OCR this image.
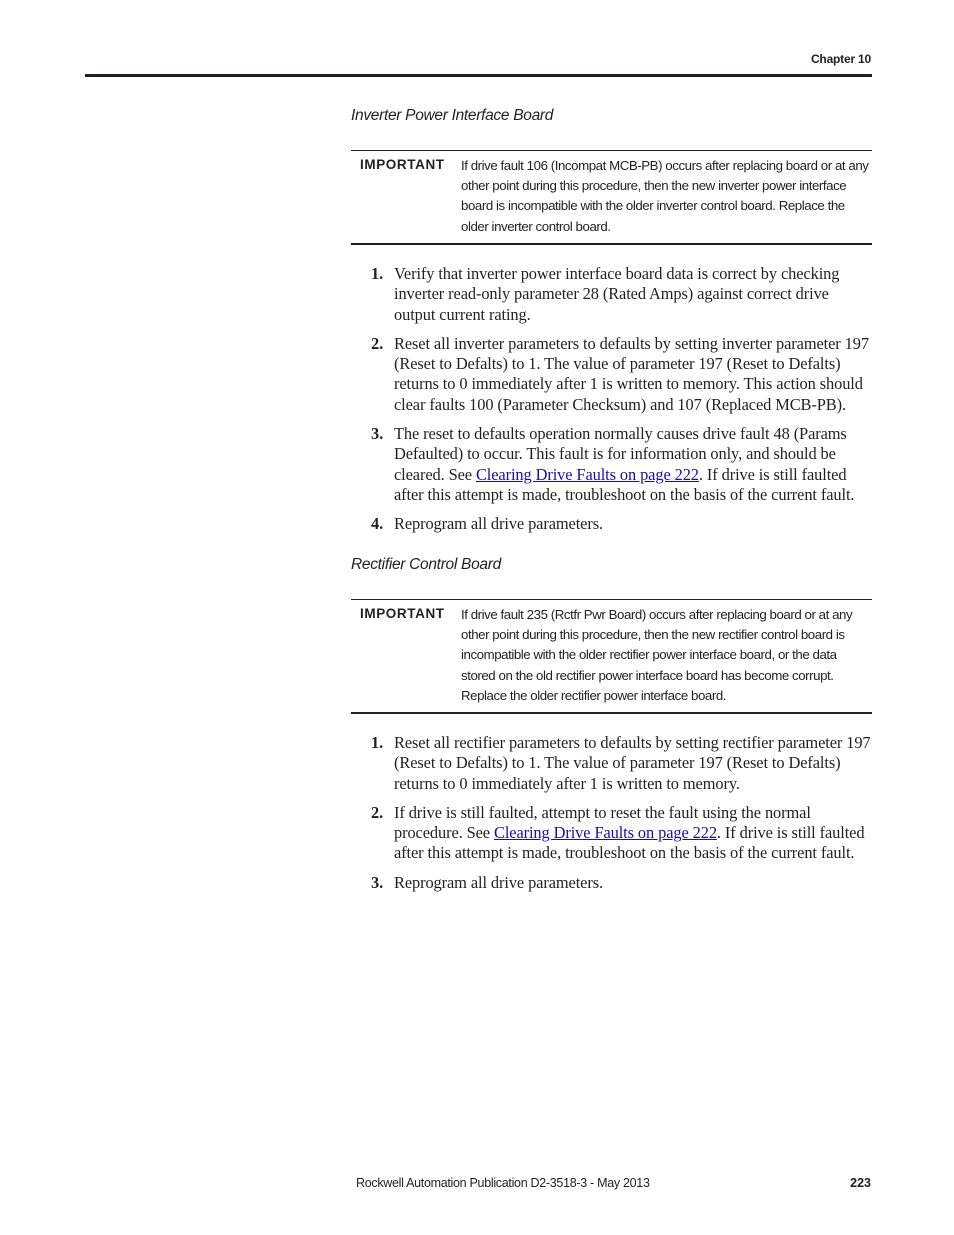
Chapter 10
Inverter Power Interface Board
IMPORTANT If drive fault 106 (Incompat MCB-PB) occurs after replacing board or at any other point during this procedure, then the new inverter power interface board is incompatible with the older inverter control board. Replace the older inverter control board.
1. Verify that inverter power interface board data is correct by checking inverter read-only parameter 28 (Rated Amps) against correct drive output current rating.
2. Reset all inverter parameters to defaults by setting inverter parameter 197 (Reset to Defalts) to 1. The value of parameter 197 (Reset to Defalts) returns to 0 immediately after 1 is written to memory. This action should clear faults 100 (Parameter Checksum) and 107 (Replaced MCB-PB).
3. The reset to defaults operation normally causes drive fault 48 (Params Defaulted) to occur. This fault is for information only, and should be cleared. See Clearing Drive Faults on page 222. If drive is still faulted after this attempt is made, troubleshoot on the basis of the current fault.
4. Reprogram all drive parameters.
Rectifier Control Board
IMPORTANT If drive fault 235 (Rctfr Pwr Board) occurs after replacing board or at any other point during this procedure, then the new rectifier control board is incompatible with the older rectifier power interface board, or the data stored on the old rectifier power interface board has become corrupt. Replace the older rectifier power interface board.
1. Reset all rectifier parameters to defaults by setting rectifier parameter 197 (Reset to Defalts) to 1. The value of parameter 197 (Reset to Defalts) returns to 0 immediately after 1 is written to memory.
2. If drive is still faulted, attempt to reset the fault using the normal procedure. See Clearing Drive Faults on page 222. If drive is still faulted after this attempt is made, troubleshoot on the basis of the current fault.
3. Reprogram all drive parameters.
Rockwell Automation Publication D2-3518-3 - May 2013	223
